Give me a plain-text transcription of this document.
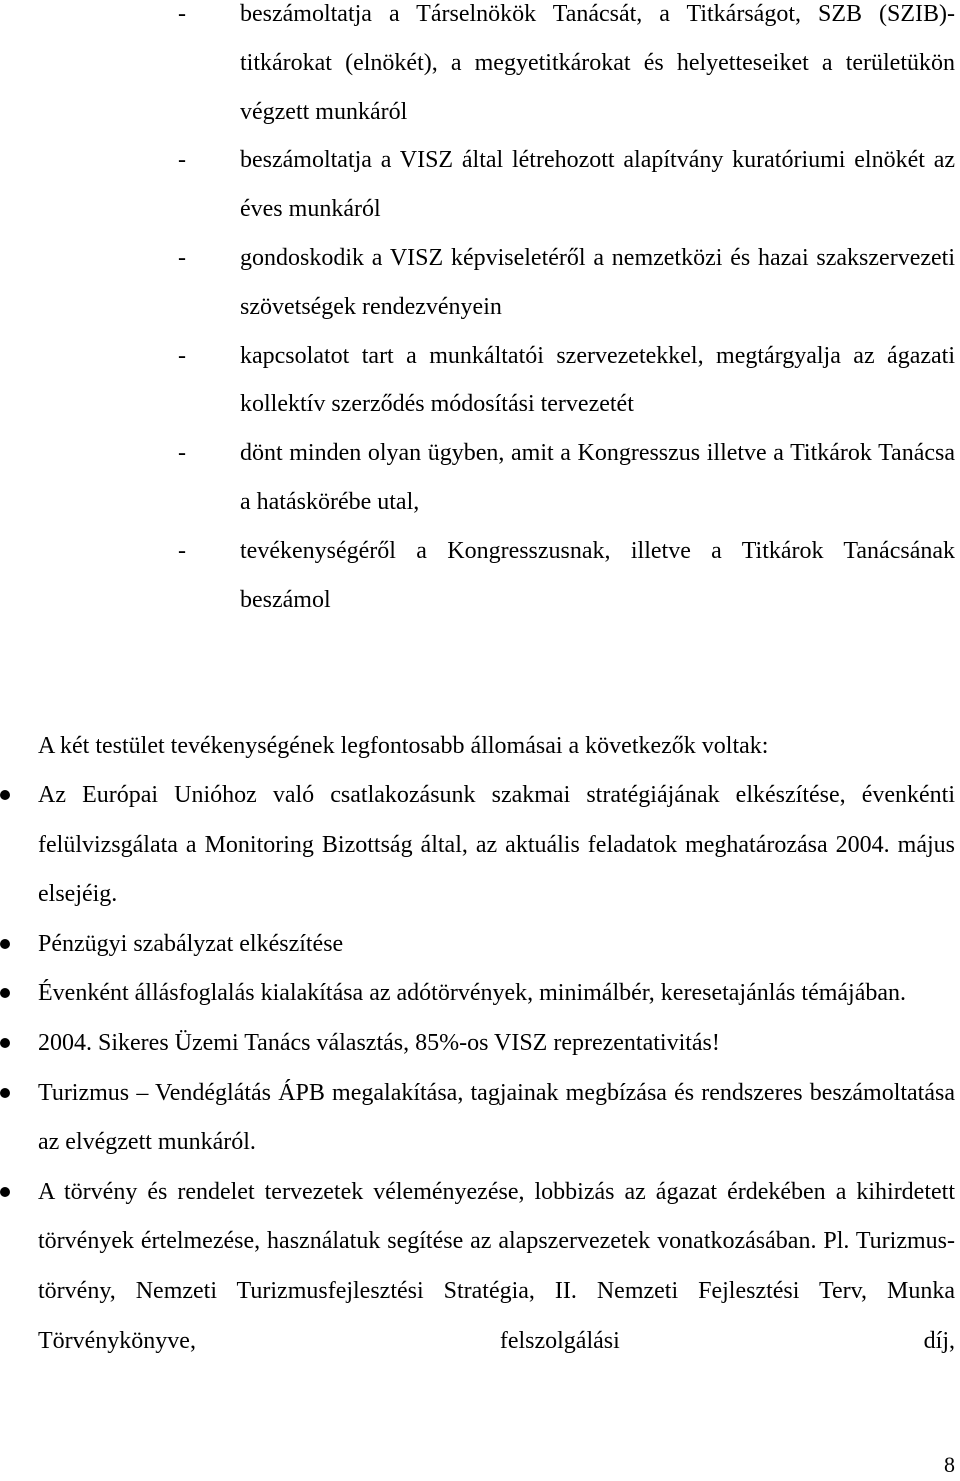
- beszámoltatja a Társelnökök Tanácsát, a Titkárságot, SZB (SZIB)- titkárokat (elnökét), a megyetitkárokat és helyetteseiket a területükön végzett munkáról
- beszámoltatja a VISZ által létrehozott alapítvány kuratóriumi elnökét az éves munkáról
- gondoskodik a VISZ képviseletéről a nemzetközi és hazai szakszervezeti szövetségek rendezvényein
- kapcsolatot tart a munkáltatói szervezetekkel, megtárgyalja az ágazati kollektív szerződés módosítási tervezetét
- dönt minden olyan ügyben, amit a Kongresszus illetve a Titkárok Tanácsa a hatáskörébe utal,
- tevékenységéről a Kongresszusnak, illetve a Titkárok Tanácsának beszámol

A két testület tevékenységének legfontosabb állomásai a következők voltak:

Az Európai Unióhoz való csatlakozásunk szakmai stratégiájának elkészítése, évenkénti felülvizsgálata a Monitoring Bizottság által, az aktuális feladatok meghatározása 2004. május elsejéig.
Pénzügyi szabályzat elkészítése
Évenként állásfoglalás kialakítása az adótörvények, minimálbér, keresetajánlás témájában.
2004. Sikeres Üzemi Tanács választás, 85%-os VISZ reprezentativitás!
Turizmus – Vendéglátás ÁPB megalakítása, tagjainak megbízása és rendszeres beszámoltatása az elvégzett munkáról.
A törvény és rendelet tervezetek véleményezése, lobbizás az ágazat érdekében a kihirdetett törvények értelmezése, használatuk segítése az alapszervezetek vonatkozásában. Pl. Turizmus-törvény, Nemzeti Turizmusfejlesztési Stratégia, II. Nemzeti Fejlesztési Terv, Munka Törvénykönyve, felszolgálási díj,
8
